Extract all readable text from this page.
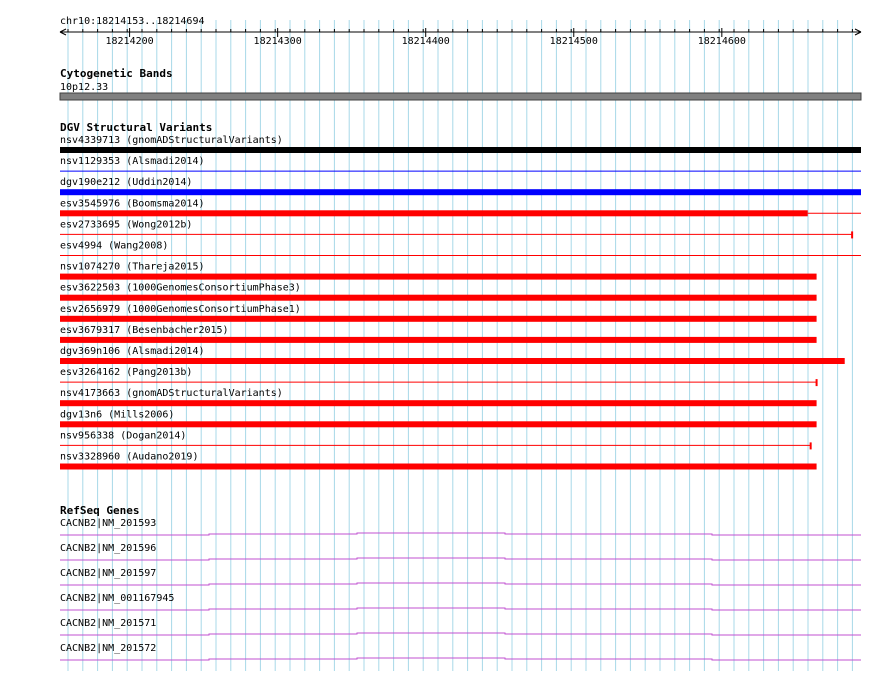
chr10:18214153..18214694
18214200	18214300	18214400	18214500	18214600
Cytogenetic Bands
10p12.33
DGV Structural Variants
nsv4339713 (gnomADStructuralVariants)
nsv1129353 (Alsmadi2014)
dgv190e212 (Uddin2014)
esv3545976 (Boomsma2014)
esv2733695 (Wong2012b)
esv4994 (Wang2008)
nsv1074270 (Thareja2015)
esv3622503 (1000GenomesConsortiumPhase3)
esv2656979 (1000GenomesConsortiumPhase1)
esv3679317 (Besenbacher2015)
dgv369n106 (Alsmadi2014)
esv3264162 (Pang2013b)
nsv4173663 (gnomADStructuralVariants)
dgv13n6 (Mills2006)
nsv956338 (Dogan2014)
nsv3328960 (Audano2019)
RefSeq Genes
CACNB2|NM_201593
CACNB2|NM_201596
CACNB2|NM_201597
CACNB2|NM_001167945
CACNB2|NM_201571
CACNB2|NM_201572
